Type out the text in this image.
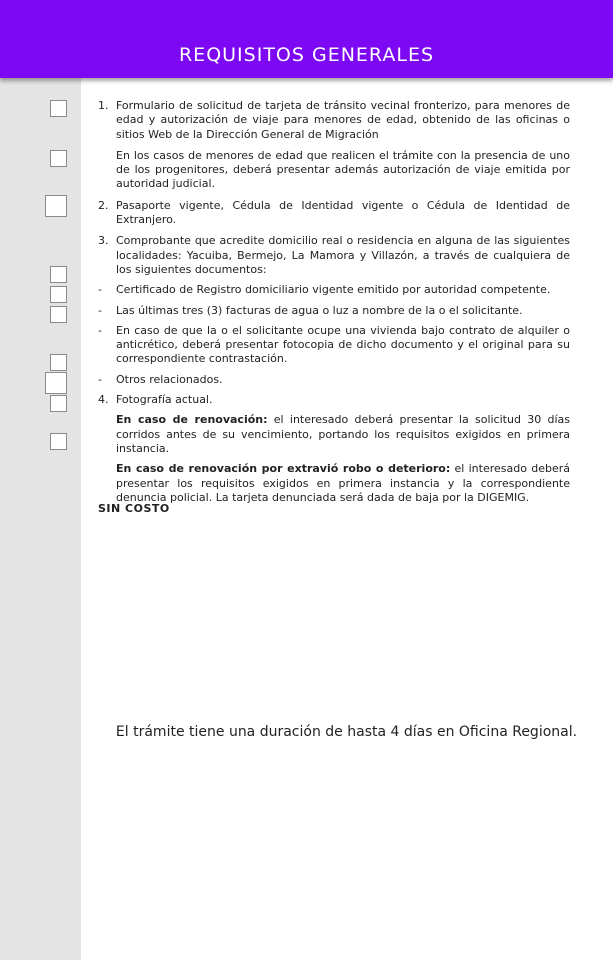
REQUISITOS GENERALES
1. Formulario de solicitud de tarjeta de tránsito vecinal fronterizo, para menores de edad y autorización de viaje para menores de edad, obtenido de las oficinas o sitios Web de la Dirección General de Migración
En los casos de menores de edad que realicen el trámite con la presencia de uno de los progenitores, deberá presentar además autorización de viaje emitida por autoridad judicial.
2. Pasaporte vigente, Cédula de Identidad vigente o Cédula de Identidad de Extranjero.
3. Comprobante que acredite domicilio real o residencia en alguna de las siguientes localidades: Yacuiba, Bermejo, La Mamora y Villazón, a través de cualquiera de los siguientes documentos:
-	Certificado de Registro domiciliario vigente emitido por autoridad competente.
-	Las últimas tres (3) facturas de agua o luz a nombre de la o el solicitante.
-	En caso de que la o el solicitante ocupe una vivienda bajo contrato de alquiler o anticrético, deberá presentar fotocopia de dicho documento y el original para su correspondiente contrastación.
-	Otros relacionados.
4. Fotografía actual.
En caso de renovación: el interesado deberá presentar la solicitud 30 días corridos antes de su vencimiento, portando los requisitos exigidos en primera instancia.
En caso de renovación por extravió robo o deterioro: el interesado deberá presentar los requisitos exigidos en primera instancia y la correspondiente denuncia policial. La tarjeta denunciada será dada de baja por la DIGEMIG.
SIN COSTO
El trámite tiene una duración de hasta 4 días en Oficina Regional.
